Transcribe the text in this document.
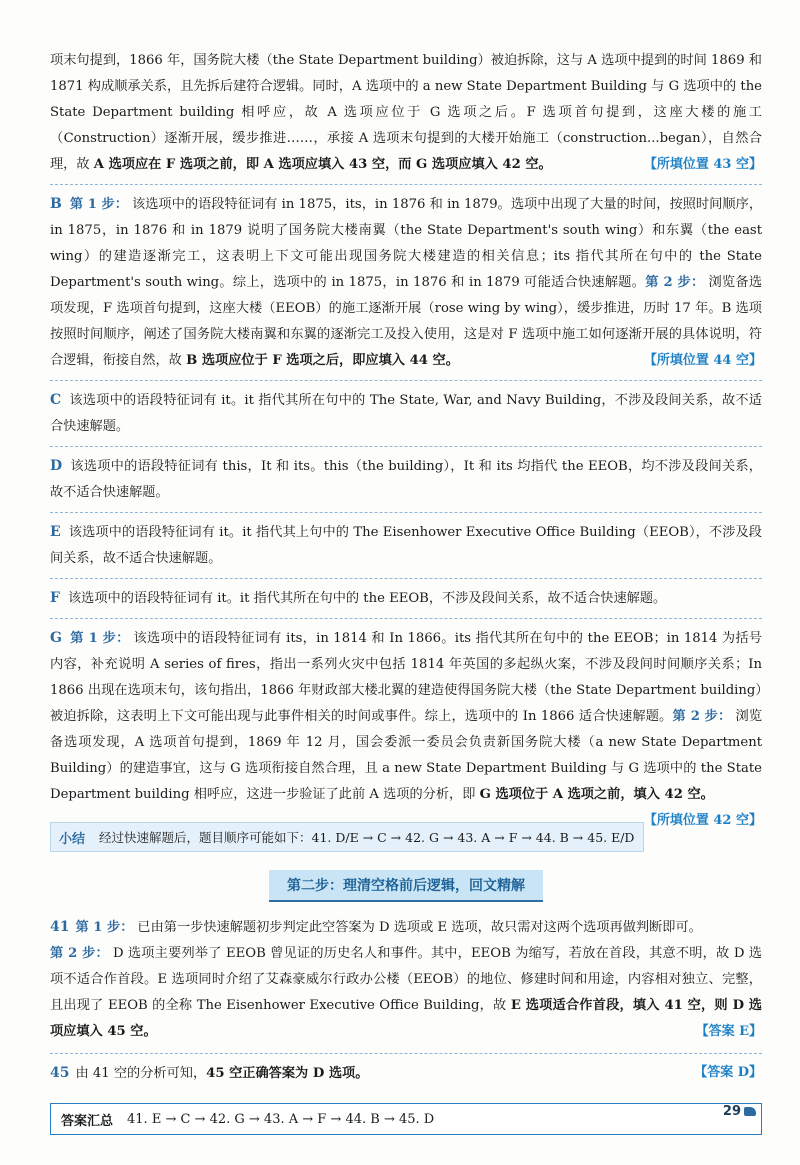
项末句提到，1866 年，国务院大楼（the State Department building）被迫拆除，这与 A 选项中提到的时间 1869 和 1871 构成顺承关系，且先拆后建符合逻辑。同时，A 选项中的 a new State Department Building 与 G 选项中的 the State Department building 相呼应，故 A 选项应位于 G 选项之后。F 选项首句提到，这座大楼的施工（Construction）逐渐开展，缓步推进……，承接 A 选项末句提到的大楼开始施工（construction...began），自然合理，故 A 选项应在 F 选项之前，即 A 选项应填入 43 空，而 G 选项应填入 42 空。	【所填位置 43 空】

B 第 1 步： 该选项中的语段特征词有 in 1875，its，in 1876 和 in 1879。选项中出现了大量的时间，按照时间顺序，in 1875，in 1876 和 in 1879 说明了国务院大楼南翼（the State Department's south wing）和东翼（the east wing）的建造逐渐完工，这表明上下文可能出现国务院大楼建造的相关信息；its 指代其所在句中的 the State Department's south wing。综上，选项中的 in 1875，in 1876 和 in 1879 可能适合快速解题。第 2 步： 浏览备选项发现，F 选项首句提到，这座大楼（EEOB）的施工逐渐开展（rose wing by wing），缓步推进，历时 17 年。B 选项按照时间顺序，阐述了国务院大楼南翼和东翼的逐渐完工及投入使用，这是对 F 选项中施工如何逐渐开展的具体说明，符合逻辑，衔接自然，故 B 选项应位于 F 选项之后，即应填入 44 空。	【所填位置 44 空】

C 该选项中的语段特征词有 it。it 指代其所在句中的 The State, War, and Navy Building，不涉及段间关系，故不适合快速解题。

D 该选项中的语段特征词有 this，It 和 its。this（the building），It 和 its 均指代 the EEOB，均不涉及段间关系，故不适合快速解题。

E 该选项中的语段特征词有 it。it 指代其上句中的 The Eisenhower Executive Office Building（EEOB），不涉及段间关系，故不适合快速解题。

F 该选项中的语段特征词有 it。it 指代其所在句中的 the EEOB，不涉及段间关系，故不适合快速解题。

G 第 1 步： 该选项中的语段特征词有 its，in 1814 和 In 1866。its 指代其所在句中的 the EEOB；in 1814 为括号内容，补充说明 A series of fires，指出一系列火灾中包括 1814 年英国的多起纵火案，不涉及段间时间顺序关系；In 1866 出现在选项末句，该句指出，1866 年财政部大楼北翼的建造使得国务院大楼（the State Department building）被迫拆除，这表明上下文可能出现与此事件相关的时间或事件。综上，选项中的 In 1866 适合快速解题。第 2 步： 浏览备选项发现，A 选项首句提到，1869 年 12 月，国会委派一委员会负责新国务院大楼（a new State Department Building）的建造事宜，这与 G 选项衔接自然合理，且 a new State Department Building 与 G 选项中的 the State Department building 相呼应，这进一步验证了此前 A 选项的分析，即 G 选项位于 A 选项之前，填入 42 空。
【所填位置 42 空】

小结 经过快速解题后，题目顺序可能如下：41. D/E → C → 42. G → 43. A → F → 44. B → 45. E/D
第二步：理清空格前后逻辑，回文精解

41 第 1 步： 已由第一步快速解题初步判定此空答案为 D 选项或 E 选项，故只需对这两个选项再做判断即可。
第 2 步： D 选项主要列举了 EEOB 曾见证的历史名人和事件。其中，EEOB 为缩写，若放在首段，其意不明，故 D 选项不适合作首段。E 选项同时介绍了艾森豪威尔行政办公楼（EEOB）的地位、修建时间和用途，内容相对独立、完整，且出现了 EEOB 的全称 The Eisenhower Executive Office Building，故 E 选项适合作首段，填入 41 空，则 D 选项应填入 45 空。	【答案 E】

45 由 41 空的分析可知，45 空正确答案为 D 选项。	【答案 D】

答案汇总 41. E → C → 42. G → 43. A → F → 44. B → 45. D	29
